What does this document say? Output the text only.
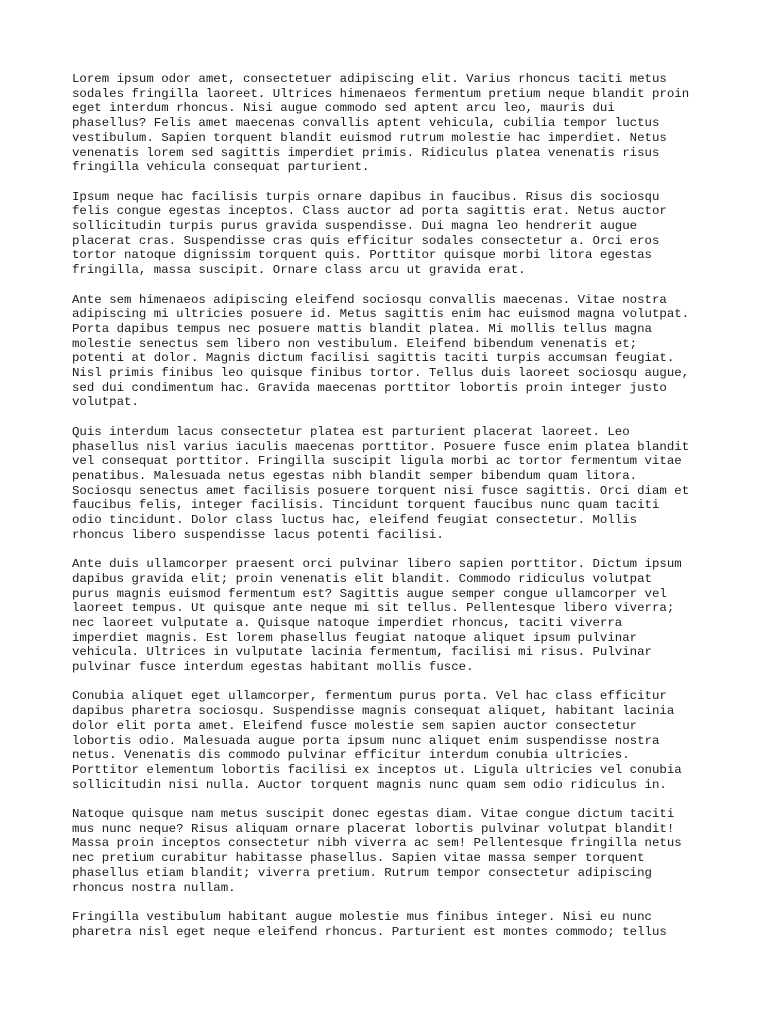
Lorem ipsum odor amet, consectetuer adipiscing elit. Varius rhoncus taciti metus
sodales fringilla laoreet. Ultrices himenaeos fermentum pretium neque blandit proin
eget interdum rhoncus. Nisi augue commodo sed aptent arcu leo, mauris dui
phasellus? Felis amet maecenas convallis aptent vehicula, cubilia tempor luctus
vestibulum. Sapien torquent blandit euismod rutrum molestie hac imperdiet. Netus
venenatis lorem sed sagittis imperdiet primis. Ridiculus platea venenatis risus
fringilla vehicula consequat parturient.

Ipsum neque hac facilisis turpis ornare dapibus in faucibus. Risus dis sociosqu
felis congue egestas inceptos. Class auctor ad porta sagittis erat. Netus auctor
sollicitudin turpis purus gravida suspendisse. Dui magna leo hendrerit augue
placerat cras. Suspendisse cras quis efficitur sodales consectetur a. Orci eros
tortor natoque dignissim torquent quis. Porttitor quisque morbi litora egestas
fringilla, massa suscipit. Ornare class arcu ut gravida erat.

Ante sem himenaeos adipiscing eleifend sociosqu convallis maecenas. Vitae nostra
adipiscing mi ultricies posuere id. Metus sagittis enim hac euismod magna volutpat.
Porta dapibus tempus nec posuere mattis blandit platea. Mi mollis tellus magna
molestie senectus sem libero non vestibulum. Eleifend bibendum venenatis et;
potenti at dolor. Magnis dictum facilisi sagittis taciti turpis accumsan feugiat.
Nisl primis finibus leo quisque finibus tortor. Tellus duis laoreet sociosqu augue,
sed dui condimentum hac. Gravida maecenas porttitor lobortis proin integer justo
volutpat.

Quis interdum lacus consectetur platea est parturient placerat laoreet. Leo
phasellus nisl varius iaculis maecenas porttitor. Posuere fusce enim platea blandit
vel consequat porttitor. Fringilla suscipit ligula morbi ac tortor fermentum vitae
penatibus. Malesuada netus egestas nibh blandit semper bibendum quam litora.
Sociosqu senectus amet facilisis posuere torquent nisi fusce sagittis. Orci diam et
faucibus felis, integer facilisis. Tincidunt torquent faucibus nunc quam taciti
odio tincidunt. Dolor class luctus hac, eleifend feugiat consectetur. Mollis
rhoncus libero suspendisse lacus potenti facilisi.

Ante duis ullamcorper praesent orci pulvinar libero sapien porttitor. Dictum ipsum
dapibus gravida elit; proin venenatis elit blandit. Commodo ridiculus volutpat
purus magnis euismod fermentum est? Sagittis augue semper congue ullamcorper vel
laoreet tempus. Ut quisque ante neque mi sit tellus. Pellentesque libero viverra;
nec laoreet vulputate a. Quisque natoque imperdiet rhoncus, taciti viverra
imperdiet magnis. Est lorem phasellus feugiat natoque aliquet ipsum pulvinar
vehicula. Ultrices in vulputate lacinia fermentum, facilisi mi risus. Pulvinar
pulvinar fusce interdum egestas habitant mollis fusce.

Conubia aliquet eget ullamcorper, fermentum purus porta. Vel hac class efficitur
dapibus pharetra sociosqu. Suspendisse magnis consequat aliquet, habitant lacinia
dolor elit porta amet. Eleifend fusce molestie sem sapien auctor consectetur
lobortis odio. Malesuada augue porta ipsum nunc aliquet enim suspendisse nostra
netus. Venenatis dis commodo pulvinar efficitur interdum conubia ultricies.
Porttitor elementum lobortis facilisi ex inceptos ut. Ligula ultricies vel conubia
sollicitudin nisi nulla. Auctor torquent magnis nunc quam sem odio ridiculus in.

Natoque quisque nam metus suscipit donec egestas diam. Vitae congue dictum taciti
mus nunc neque? Risus aliquam ornare placerat lobortis pulvinar volutpat blandit!
Massa proin inceptos consectetur nibh viverra ac sem! Pellentesque fringilla netus
nec pretium curabitur habitasse phasellus. Sapien vitae massa semper torquent
phasellus etiam blandit; viverra pretium. Rutrum tempor consectetur adipiscing
rhoncus nostra nullam.

Fringilla vestibulum habitant augue molestie mus finibus integer. Nisi eu nunc
pharetra nisl eget neque eleifend rhoncus. Parturient est montes commodo; tellus
